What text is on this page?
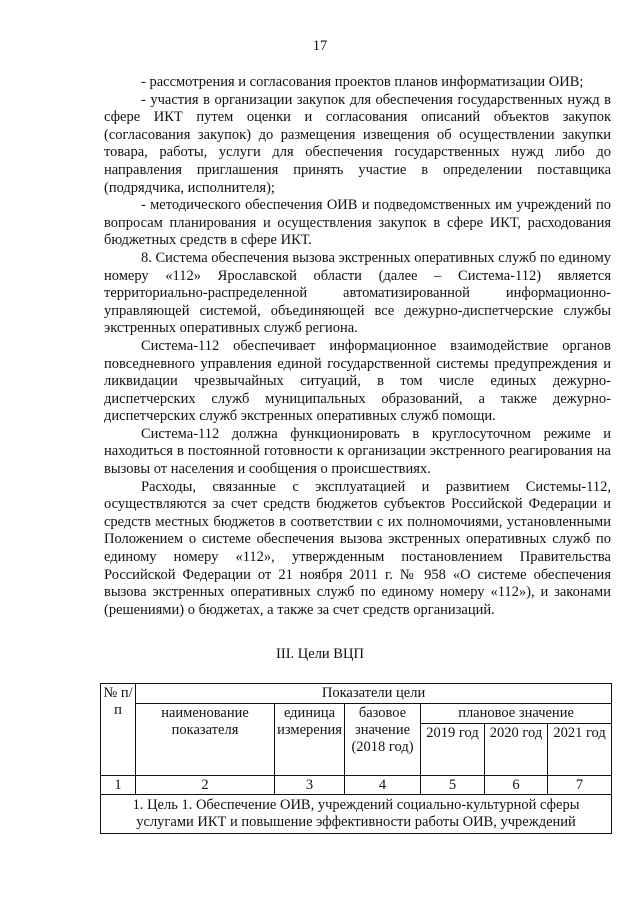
17

- рассмотрения и согласования проектов планов информатизации ОИВ;

- участия в организации закупок для обеспечения государственных нужд в сфере ИКТ путем оценки и согласования описаний объектов закупок (согласования закупок) до размещения извещения об осуществлении закупки товара, работы, услуги для обеспечения государственных нужд либо до направления приглашения принять участие в определении поставщика (подрядчика, исполнителя);

- методического обеспечения ОИВ и подведомственных им учреждений по вопросам планирования и осуществления закупок в сфере ИКТ, расходования бюджетных средств в сфере ИКТ.

8. Система обеспечения вызова экстренных оперативных служб по единому номеру «112» Ярославской области (далее – Система-112) является территориально-распределенной автоматизированной информационно-управляющей системой, объединяющей все дежурно-диспетчерские службы экстренных оперативных служб региона.

Система-112 обеспечивает информационное взаимодействие органов повседневного управления единой государственной системы предупреждения и ликвидации чрезвычайных ситуаций, в том числе единых дежурно-диспетчерских служб муниципальных образований, а также дежурно-диспетчерских служб экстренных оперативных служб помощи.

Система-112 должна функционировать в круглосуточном режиме и находиться в постоянной готовности к организации экстренного реагирования на вызовы от населения и сообщения о происшествиях.

Расходы, связанные с эксплуатацией и развитием Системы-112, осуществляются за счет средств бюджетов субъектов Российской Федерации и средств местных бюджетов в соответствии с их полномочиями, установленными Положением о системе обеспечения вызова экстренных оперативных служб по единому номеру «112», утвержденным постановлением Правительства Российской Федерации от 21 ноября 2011 г. № 958 «О системе обеспечения вызова экстренных оперативных служб по единому номеру «112»), и законами (решениями) о бюджетах, а также за счет средств организаций.

III. Цели ВЦП
№ п/п	Показатели цели					
	наименование показателя	единица измерения	базовое значение (2018 год)	плановое значение		
				2019 год	2020 год	2021 год
1	2	3	4	5	6	7
1. Цель 1. Обеспечение ОИВ, учреждений социально-культурной сферы услугами ИКТ и повышение эффективности работы ОИВ, учреждений						
